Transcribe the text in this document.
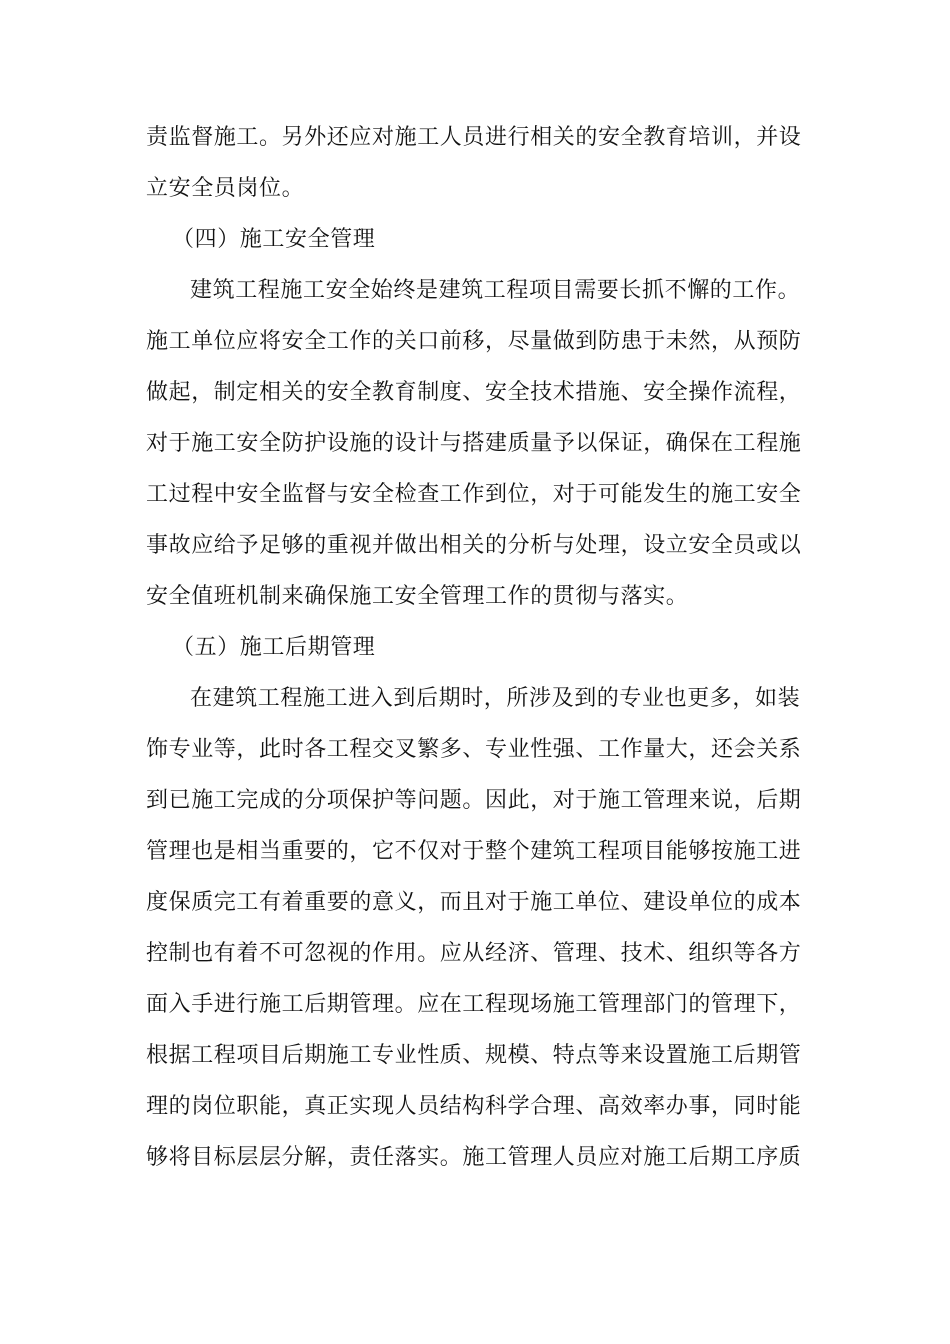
责监督施工。另外还应对施工人员进行相关的安全教育培训，并设
立安全员岗位。
（四）施工安全管理
建筑工程施工安全始终是建筑工程项目需要长抓不懈的工作。
施工单位应将安全工作的关口前移，尽量做到防患于未然，从预防
做起，制定相关的安全教育制度、安全技术措施、安全操作流程，
对于施工安全防护设施的设计与搭建质量予以保证，确保在工程施
工过程中安全监督与安全检查工作到位，对于可能发生的施工安全
事故应给予足够的重视并做出相关的分析与处理，设立安全员或以
安全值班机制来确保施工安全管理工作的贯彻与落实。
（五）施工后期管理
在建筑工程施工进入到后期时，所涉及到的专业也更多，如装
饰专业等，此时各工程交叉繁多、专业性强、工作量大，还会关系
到已施工完成的分项保护等问题。因此，对于施工管理来说，后期
管理也是相当重要的，它不仅对于整个建筑工程项目能够按施工进
度保质完工有着重要的意义，而且对于施工单位、建设单位的成本
控制也有着不可忽视的作用。应从经济、管理、技术、组织等各方
面入手进行施工后期管理。应在工程现场施工管理部门的管理下，
根据工程项目后期施工专业性质、规模、特点等来设置施工后期管
理的岗位职能，真正实现人员结构科学合理、高效率办事，同时能
够将目标层层分解，责任落实。施工管理人员应对施工后期工序质
